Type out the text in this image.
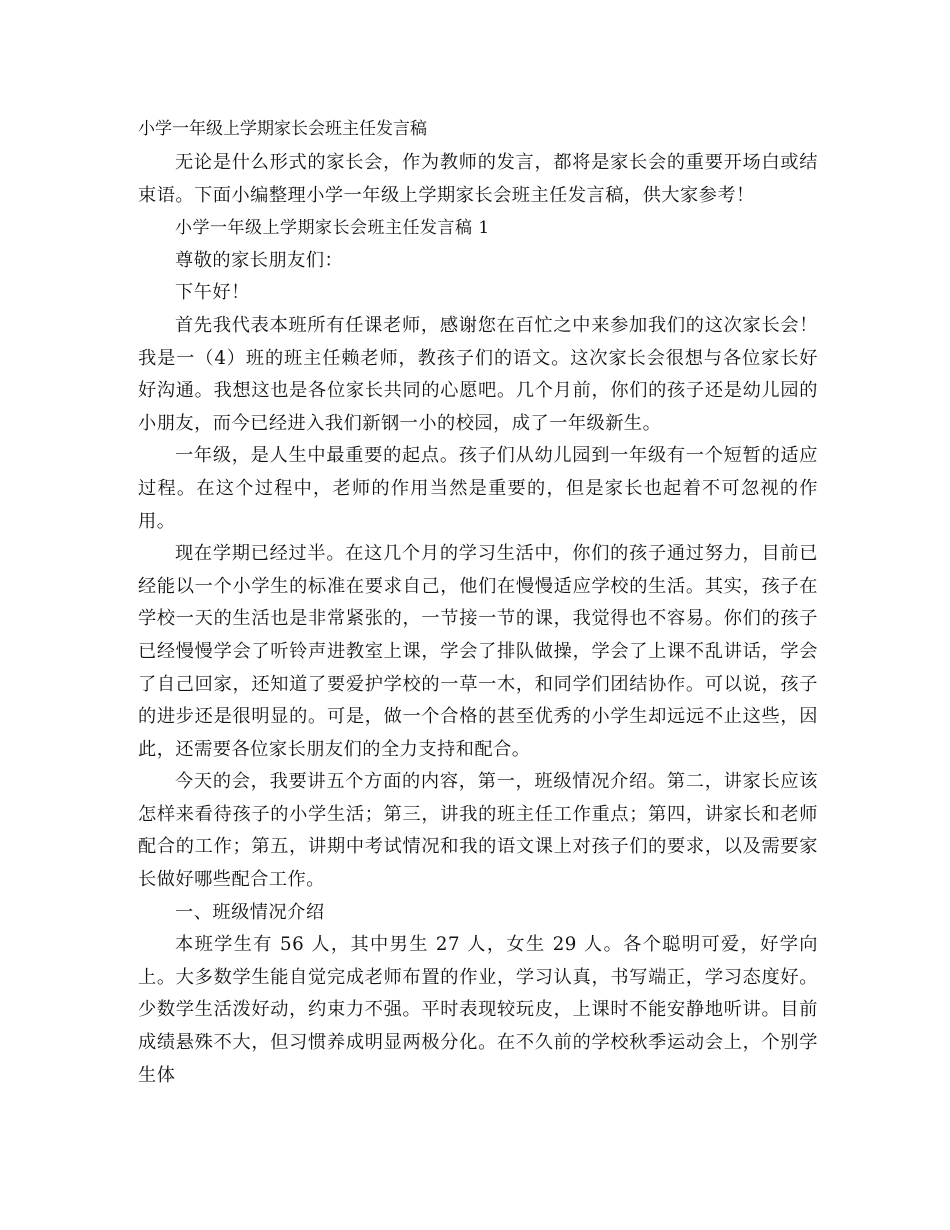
小学一年级上学期家长会班主任发言稿

无论是什么形式的家长会，作为教师的发言，都将是家长会的重要开场白或结束语。下面小编整理小学一年级上学期家长会班主任发言稿，供大家参考！

小学一年级上学期家长会班主任发言稿 1

尊敬的家长朋友们：

下午好！

首先我代表本班所有任课老师，感谢您在百忙之中来参加我们的这次家长会！我是一（4）班的班主任赖老师，教孩子们的语文。这次家长会很想与各位家长好好沟通。我想这也是各位家长共同的心愿吧。几个月前，你们的孩子还是幼儿园的小朋友，而今已经进入我们新钢一小的校园，成了一年级新生。

一年级，是人生中最重要的起点。孩子们从幼儿园到一年级有一个短暂的适应过程。在这个过程中，老师的作用当然是重要的，但是家长也起着不可忽视的作用。

现在学期已经过半。在这几个月的学习生活中，你们的孩子通过努力，目前已经能以一个小学生的标准在要求自己，他们在慢慢适应学校的生活。其实，孩子在学校一天的生活也是非常紧张的，一节接一节的课，我觉得也不容易。你们的孩子已经慢慢学会了听铃声进教室上课，学会了排队做操，学会了上课不乱讲话，学会了自己回家，还知道了要爱护学校的一草一木，和同学们团结协作。可以说，孩子的进步还是很明显的。可是，做一个合格的甚至优秀的小学生却远远不止这些，因此，还需要各位家长朋友们的全力支持和配合。

今天的会，我要讲五个方面的内容，第一，班级情况介绍。第二，讲家长应该怎样来看待孩子的小学生活；第三，讲我的班主任工作重点；第四，讲家长和老师配合的工作；第五，讲期中考试情况和我的语文课上对孩子们的要求，以及需要家长做好哪些配合工作。

一、班级情况介绍

本班学生有 56 人，其中男生 27 人，女生 29 人。各个聪明可爱，好学向上。大多数学生能自觉完成老师布置的作业，学习认真，书写端正，学习态度好。少数学生活泼好动，约束力不强。平时表现较玩皮，上课时不能安静地听讲。目前成绩悬殊不大，但习惯养成明显两极分化。在不久前的学校秋季运动会上，个别学生体
